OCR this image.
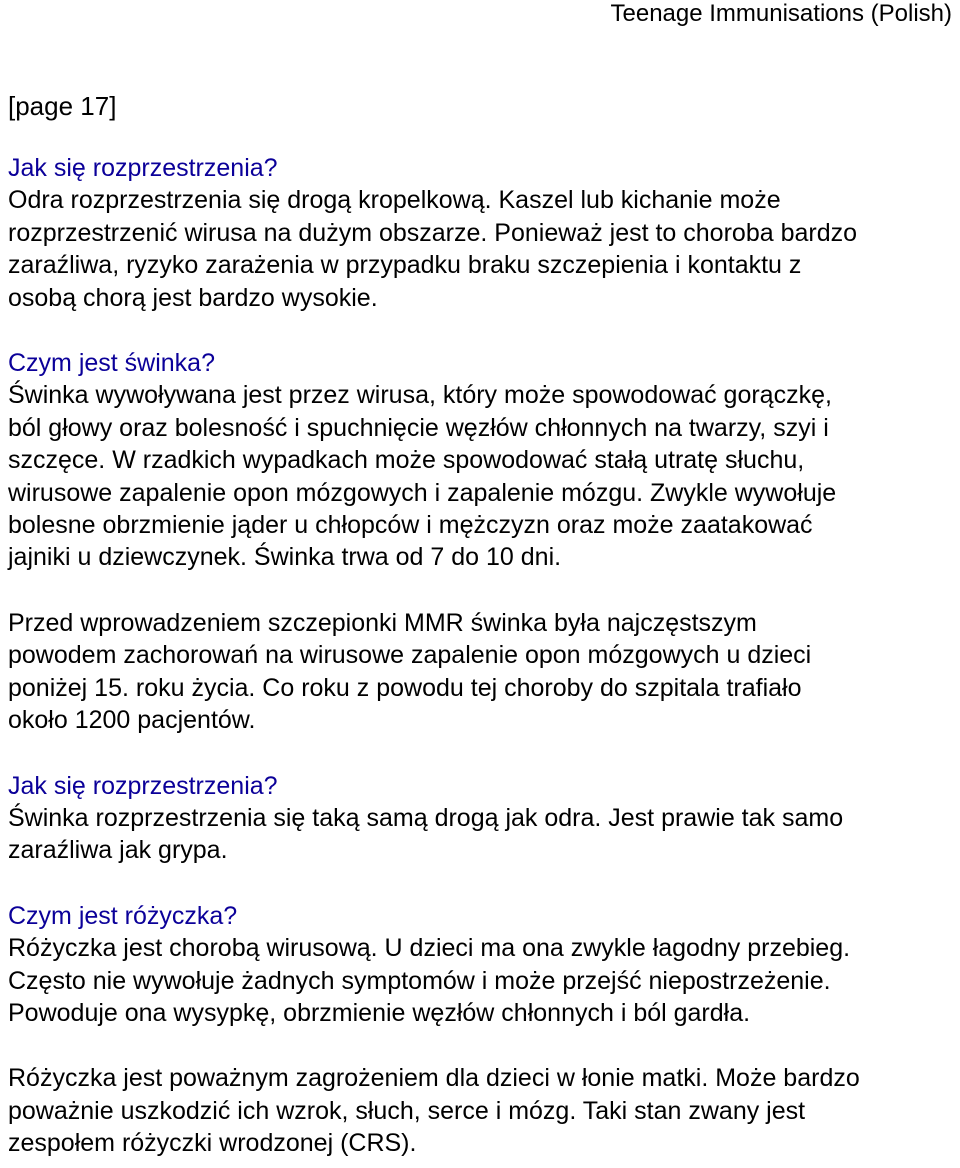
Teenage Immunisations (Polish)
[page 17]
Jak się rozprzestrzenia?

Odra rozprzestrzenia się drogą kropelkową. Kaszel lub kichanie może
rozprzestrzenić wirusa na dużym obszarze. Ponieważ jest to choroba bardzo
zaraźliwa, ryzyko zarażenia w przypadku braku szczepienia i kontaktu z
osobą chorą jest bardzo wysokie.

Czym jest świnka?

Świnka wywoływana jest przez wirusa, który może spowodować gorączkę,
ból głowy oraz bolesność i spuchnięcie węzłów chłonnych na twarzy, szyi i
szczęce. W rzadkich wypadkach może spowodować stałą utratę słuchu,
wirusowe zapalenie opon mózgowych i zapalenie mózgu. Zwykle wywołuje
bolesne obrzmienie jąder u chłopców i mężczyzn oraz może zaatakować
jajniki u dziewczynek. Świnka trwa od 7 do 10 dni.

Przed wprowadzeniem szczepionki MMR świnka była najczęstszym
powodem zachorowań na wirusowe zapalenie opon mózgowych u dzieci
poniżej 15. roku życia. Co roku z powodu tej choroby do szpitala trafiało
około 1200 pacjentów.

Jak się rozprzestrzenia?

Świnka rozprzestrzenia się taką samą drogą jak odra. Jest prawie tak samo
zaraźliwa jak grypa.

Czym jest różyczka?

Różyczka jest chorobą wirusową. U dzieci ma ona zwykle łagodny przebieg.
Często nie wywołuje żadnych symptomów i może przejść niepostrzeżenie.
Powoduje ona wysypkę, obrzmienie węzłów chłonnych i ból gardła.

Różyczka jest poważnym zagrożeniem dla dzieci w łonie matki. Może bardzo
poważnie uszkodzić ich wzrok, słuch, serce i mózg. Taki stan zwany jest
zespołem różyczki wrodzonej (CRS).
